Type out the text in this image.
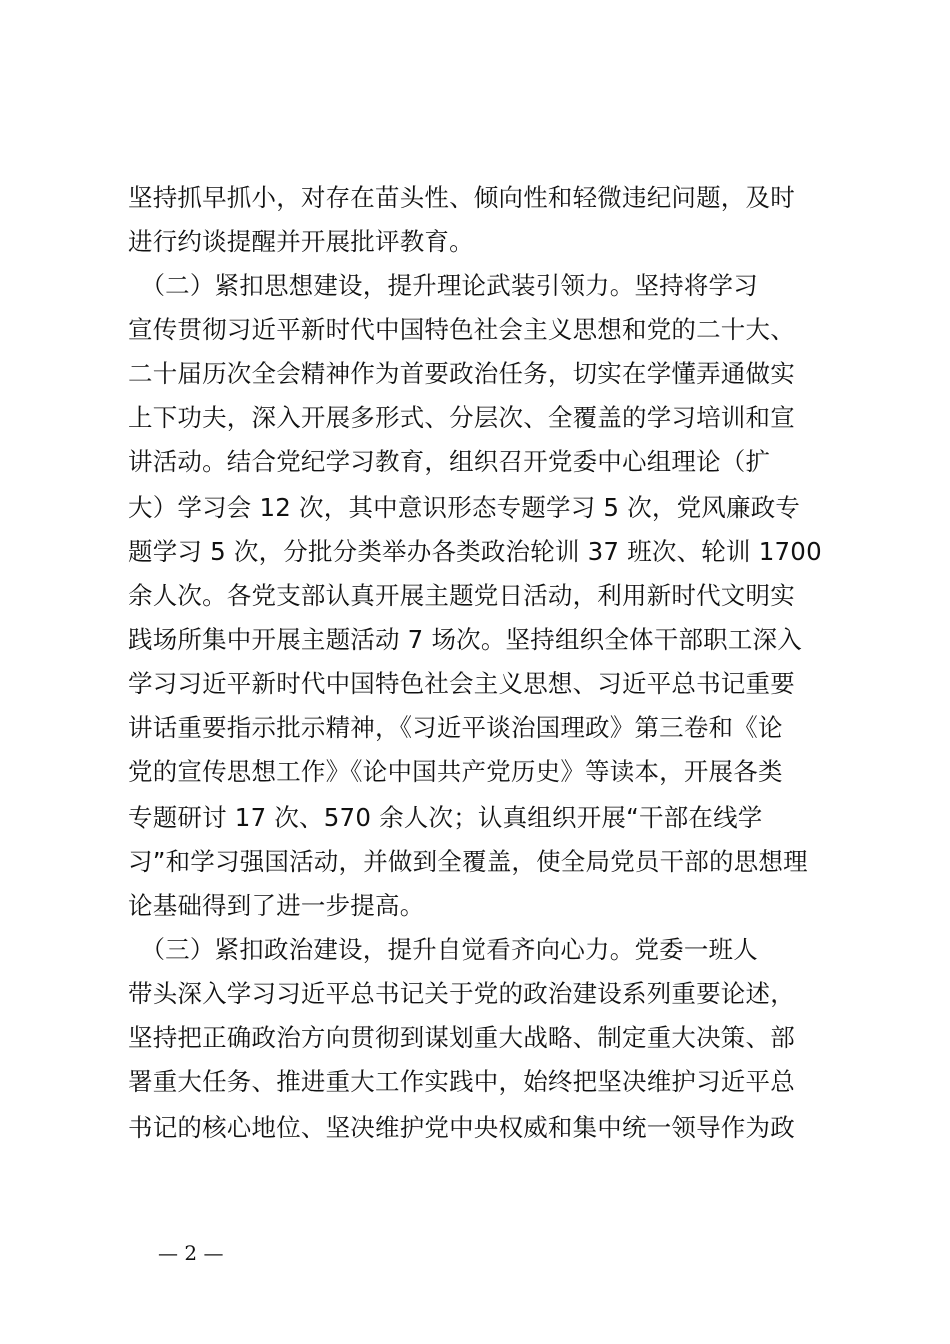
坚持抓早抓小，对存在苗头性、倾向性和轻微违纪问题，及时
进行约谈提醒并开展批评教育。
　（二）紧扣思想建设，提升理论武装引领力。坚持将学习
宣传贯彻习近平新时代中国特色社会主义思想和党的二十大、
二十届历次全会精神作为首要政治任务，切实在学懂弄通做实
上下功夫，深入开展多形式、分层次、全覆盖的学习培训和宣
讲活动。结合党纪学习教育，组织召开党委中心组理论（扩
大）学习会 12 次，其中意识形态专题学习 5 次，党风廉政专
题学习 5 次，分批分类举办各类政治轮训 37 班次、轮训 1700
余人次。各党支部认真开展主题党日活动，利用新时代文明实
践场所集中开展主题活动 7 场次。坚持组织全体干部职工深入
学习习近平新时代中国特色社会主义思想、习近平总书记重要
讲话重要指示批示精神，《习近平谈治国理政》第三卷和《论
党的宣传思想工作》《论中国共产党历史》等读本，开展各类
专题研讨 17 次、570 余人次；认真组织开展“干部在线学
习”和学习强国活动，并做到全覆盖，使全局党员干部的思想理
论基础得到了进一步提高。
　（三）紧扣政治建设，提升自觉看齐向心力。党委一班人
带头深入学习习近平总书记关于党的政治建设系列重要论述，
坚持把正确政治方向贯彻到谋划重大战略、制定重大决策、部
署重大任务、推进重大工作实践中，始终把坚决维护习近平总
书记的核心地位、坚决维护党中央权威和集中统一领导作为政
— 2 —
